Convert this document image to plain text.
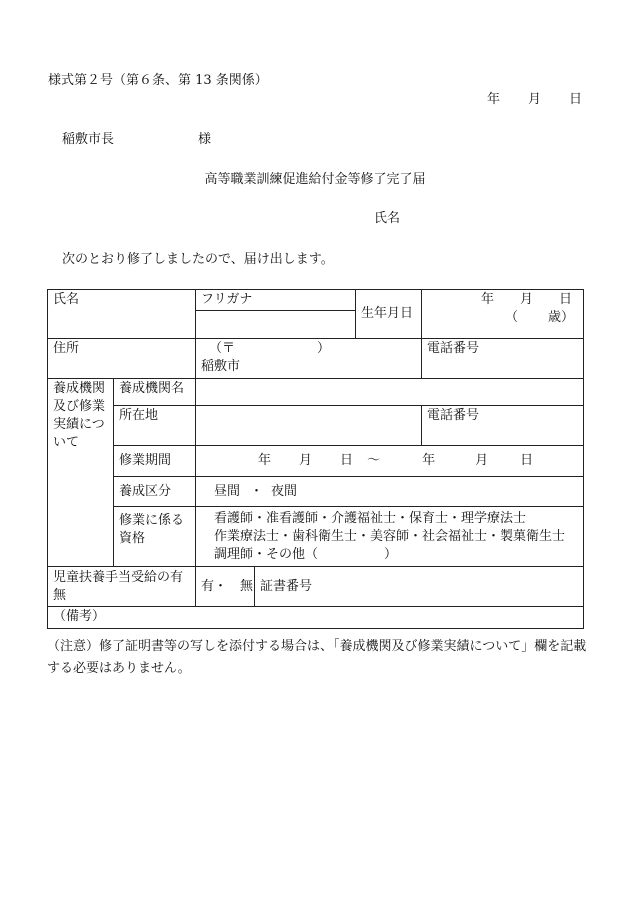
様式第２号（第６条、第 13 条関係）
年 月 日
稲敷市長	様
高等職業訓練促進給付金等修了完了届
氏名
次のとおり修了しましたので、届け出します。
氏名		フリガナ		生年月日	年 月 日
（ 歳）

住所		（〒 ）
稲敷市			電話番号
養成機関及び修業実績について	養成機関名				
	所在地				電話番号
	修業期間	年 月 日 ～ 年 月 日			
	養成区分	昼間 ・ 夜間			
	修業に係る資格	看護師・准看護師・介護福祉士・保育士・理学療法士
作業療法士・歯科衛生士・美容師・社会福祉士・製菓衛生士
調理師・その他（ ）			

児童扶養手当受給の有無		有・　無	証書番号		
（備考）					
（注意）修了証明書等の写しを添付する場合は、「養成機関及び修業実績について」欄を記載する必要はありません。
